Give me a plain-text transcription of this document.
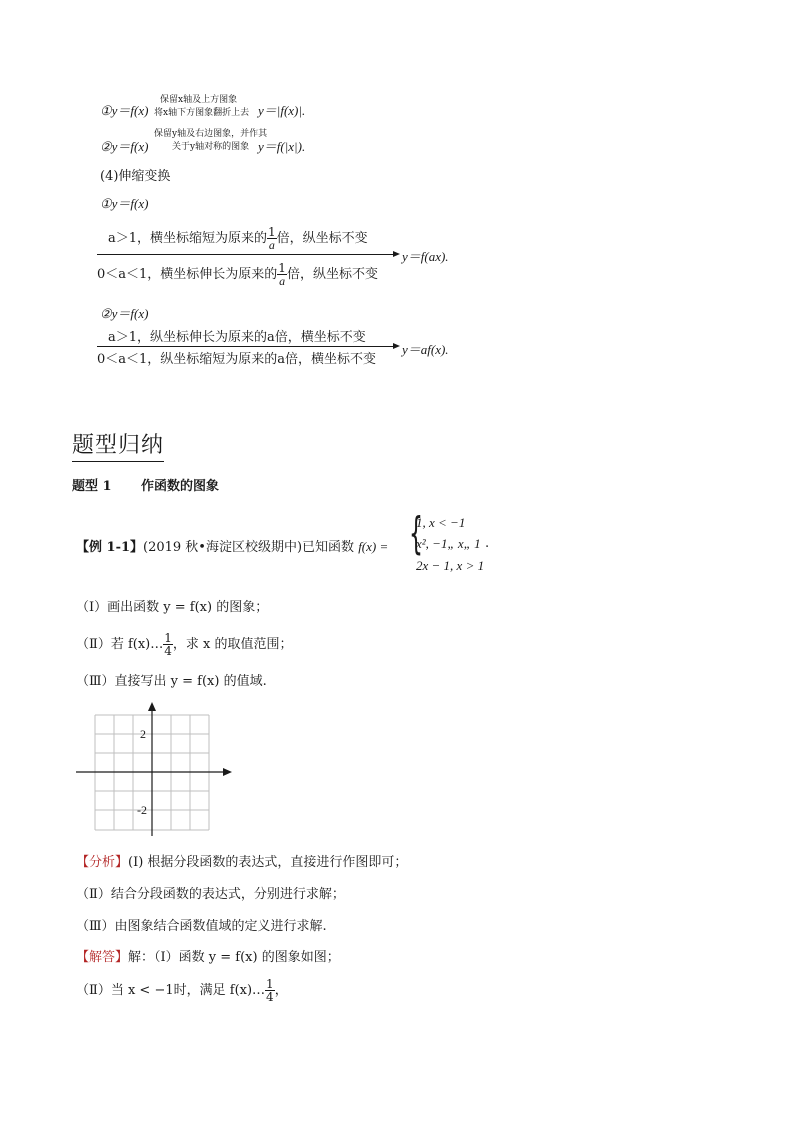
①y＝f(x)
保留x轴及上方图象
将x轴下方图象翻折上去 y＝|f(x)|.
②y＝f(x)
保留y轴及右边图象，并作其
关于y轴对称的图象 y＝f(|x|).
(4)伸缩变换
①y＝f(x)
a＞1，横坐标缩短为原来的 $\frac{1}{a}$ 倍，纵坐标不变
0＜a＜1，横坐标伸长为原来的 $\frac{1}{a}$ 倍，纵坐标不变
y＝f(ax).
②y＝f(x)
a＞1，纵坐标伸长为原来的a倍，横坐标不变
0＜a＜1，纵坐标缩短为原来的a倍，横坐标不变
y＝af(x).
题型归纳
题型 1 作函数的图象
【例 1-1】(2019 秋•海淀区校级期中)已知函数 f(x) = {
1, x < −1
x², −1„ x„ 1
2x − 1, x > 1
.
（Ⅰ）画出函数 y = f(x) 的图象；
（Ⅱ）若 f(x)… $\frac{1}{4}$ ，求 x 的取值范围；
（Ⅲ）直接写出 y = f(x) 的值域.
2
-2
【分析】(Ⅰ) 根据分段函数的表达式，直接进行作图即可；
（Ⅱ）结合分段函数的表达式，分别进行求解；
（Ⅲ）由图象结合函数值域的定义进行求解.
【解答】解：（Ⅰ）函数 y = f(x) 的图象如图；
（Ⅱ）当 x < −1时，满足 f(x)… $\frac{1}{4}$ ，
